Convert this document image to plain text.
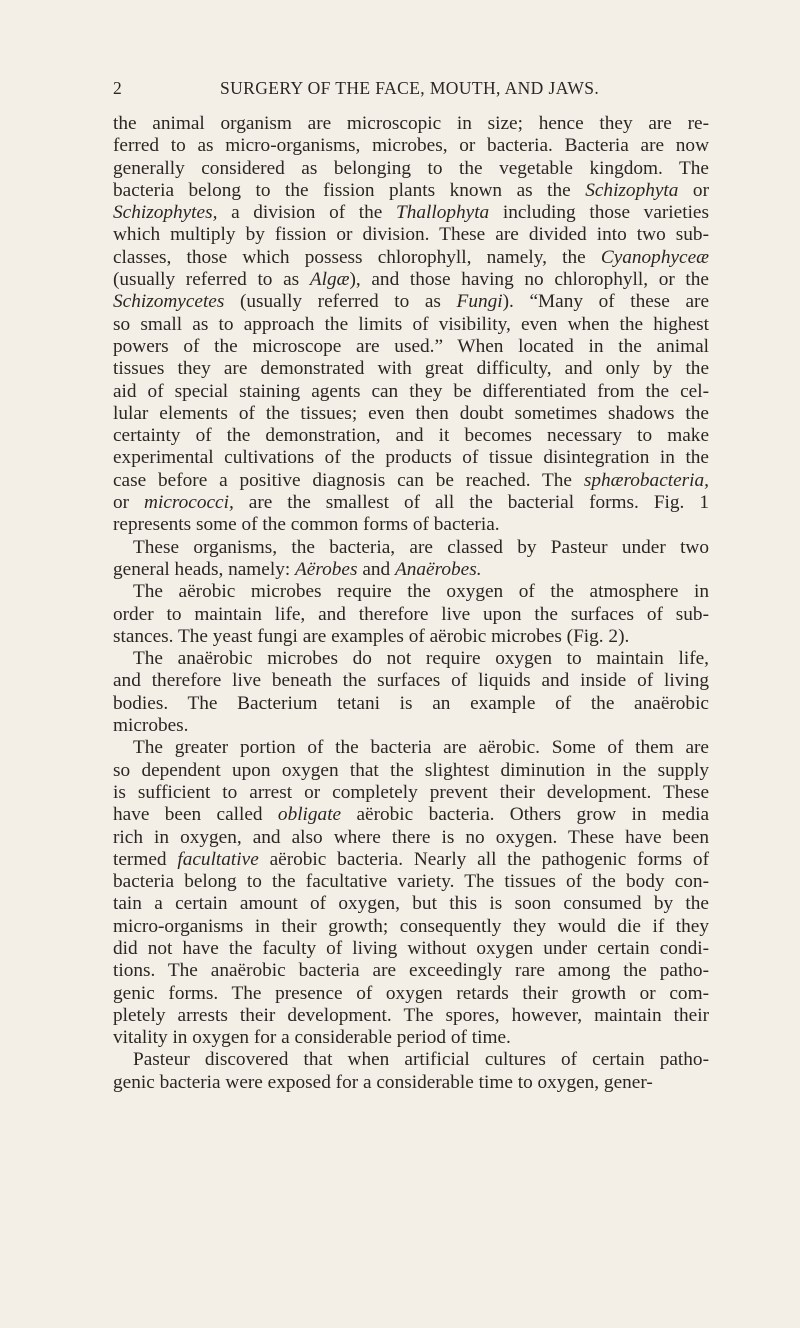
2	SURGERY OF THE FACE, MOUTH, AND JAWS.
the animal organism are microscopic in size; hence they are re-
ferred to as micro-organisms, microbes, or bacteria. Bacteria are now
generally considered as belonging to the vegetable kingdom. The
bacteria belong to the fission plants known as the Schizophyta or
Schizophytes, a division of the Thallophyta including those varieties
which multiply by fission or division. These are divided into two sub-
classes, those which possess chlorophyll, namely, the Cyanophyceæ
(usually referred to as Algæ), and those having no chlorophyll, or the
Schizomycetes (usually referred to as Fungi). “Many of these are
so small as to approach the limits of visibility, even when the highest
powers of the microscope are used.” When located in the animal
tissues they are demonstrated with great difficulty, and only by the
aid of special staining agents can they be differentiated from the cel-
lular elements of the tissues; even then doubt sometimes shadows the
certainty of the demonstration, and it becomes necessary to make
experimental cultivations of the products of tissue disintegration in the
case before a positive diagnosis can be reached. The sphærobacteria,
or micrococci, are the smallest of all the bacterial forms. Fig. 1
represents some of the common forms of bacteria.
These organisms, the bacteria, are classed by Pasteur under two
general heads, namely: Aërobes and Anaërobes.
The aërobic microbes require the oxygen of the atmosphere in
order to maintain life, and therefore live upon the surfaces of sub-
stances. The yeast fungi are examples of aërobic microbes (Fig. 2).
The anaërobic microbes do not require oxygen to maintain life,
and therefore live beneath the surfaces of liquids and inside of living
bodies. The Bacterium tetani is an example of the anaërobic
microbes.
The greater portion of the bacteria are aërobic. Some of them are
so dependent upon oxygen that the slightest diminution in the supply
is sufficient to arrest or completely prevent their development. These
have been called obligate aërobic bacteria. Others grow in media
rich in oxygen, and also where there is no oxygen. These have been
termed facultative aërobic bacteria. Nearly all the pathogenic forms of
bacteria belong to the facultative variety. The tissues of the body con-
tain a certain amount of oxygen, but this is soon consumed by the
micro-organisms in their growth; consequently they would die if they
did not have the faculty of living without oxygen under certain condi-
tions. The anaërobic bacteria are exceedingly rare among the patho-
genic forms. The presence of oxygen retards their growth or com-
pletely arrests their development. The spores, however, maintain their
vitality in oxygen for a considerable period of time.
Pasteur discovered that when artificial cultures of certain patho-
genic bacteria were exposed for a considerable time to oxygen, gener-
